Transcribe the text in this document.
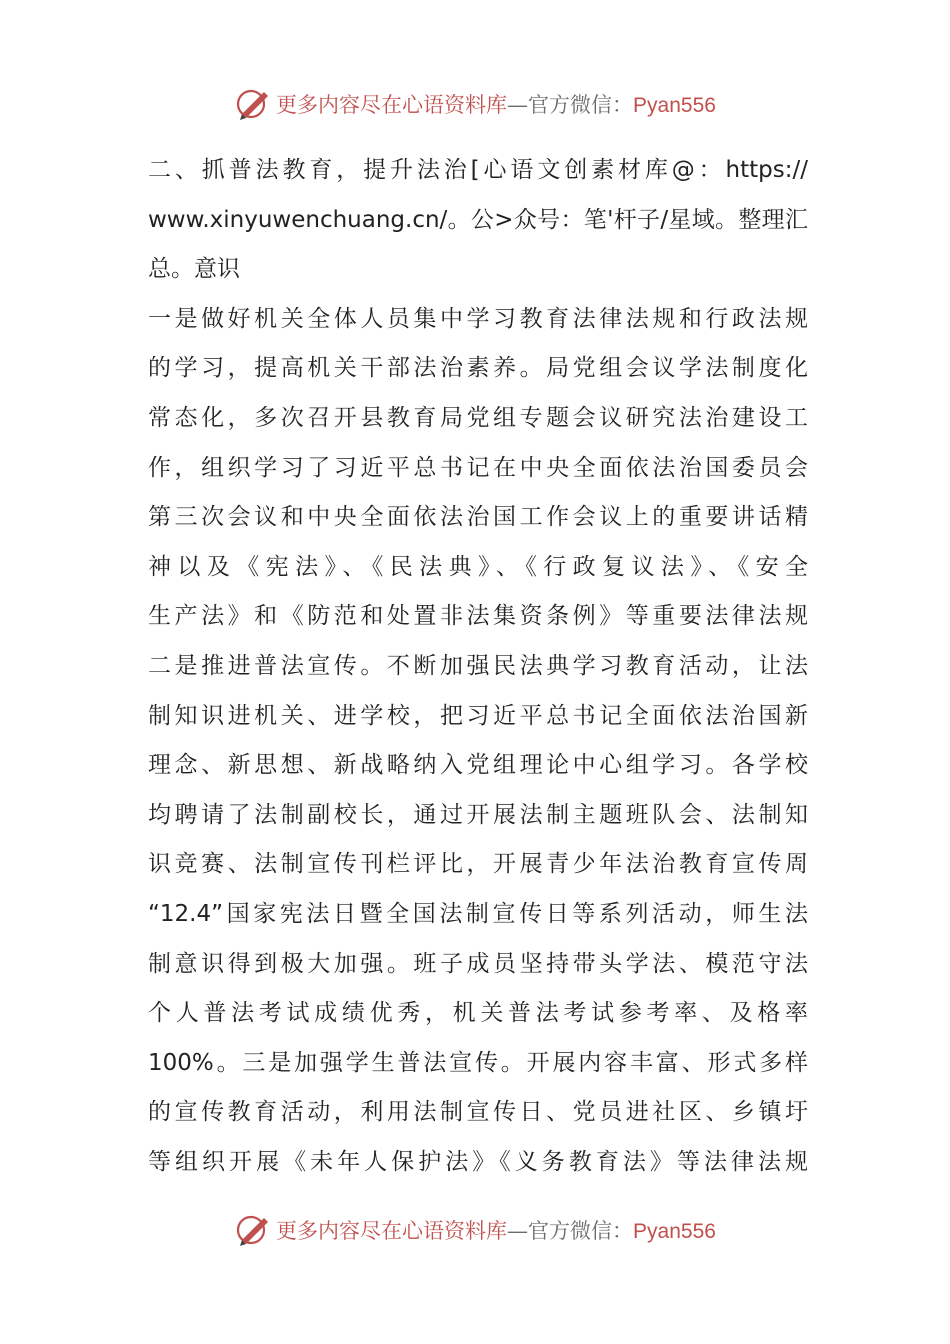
更多内容尽在心语资料库—官方微信：Pyan556
二、抓普法教育，提升法治[心语文创素材库@：https://
www.xinyuwenchuang.cn/。公>众号：笔'杆子/星域。整理汇
总。意识
一是做好机关全体人员集中学习教育法律法规和行政法规
的学习，提高机关干部法治素养。局党组会议学法制度化
常态化，多次召开县教育局党组专题会议研究法治建设工
作，组织学习了习近平总书记在中央全面依法治国委员会
第三次会议和中央全面依法治国工作会议上的重要讲话精
神以及《宪法》、《民法典》、《行政复议法》、《安全
生产法》和《防范和处置非法集资条例》等重要法律法规
二是推进普法宣传。不断加强民法典学习教育活动，让法
制知识进机关、进学校，把习近平总书记全面依法治国新
理念、新思想、新战略纳入党组理论中心组学习。各学校
均聘请了法制副校长，通过开展法制主题班队会、法制知
识竞赛、法制宣传刊栏评比，开展青少年法治教育宣传周
“12.4”国家宪法日暨全国法制宣传日等系列活动，师生法
制意识得到极大加强。班子成员坚持带头学法、模范守法
个人普法考试成绩优秀，机关普法考试参考率、及格率
100%。三是加强学生普法宣传。开展内容丰富、形式多样
的宣传教育活动，利用法制宣传日、党员进社区、乡镇圩
等组织开展《未年人保护法》《义务教育法》等法律法规
更多内容尽在心语资料库—官方微信：Pyan556
